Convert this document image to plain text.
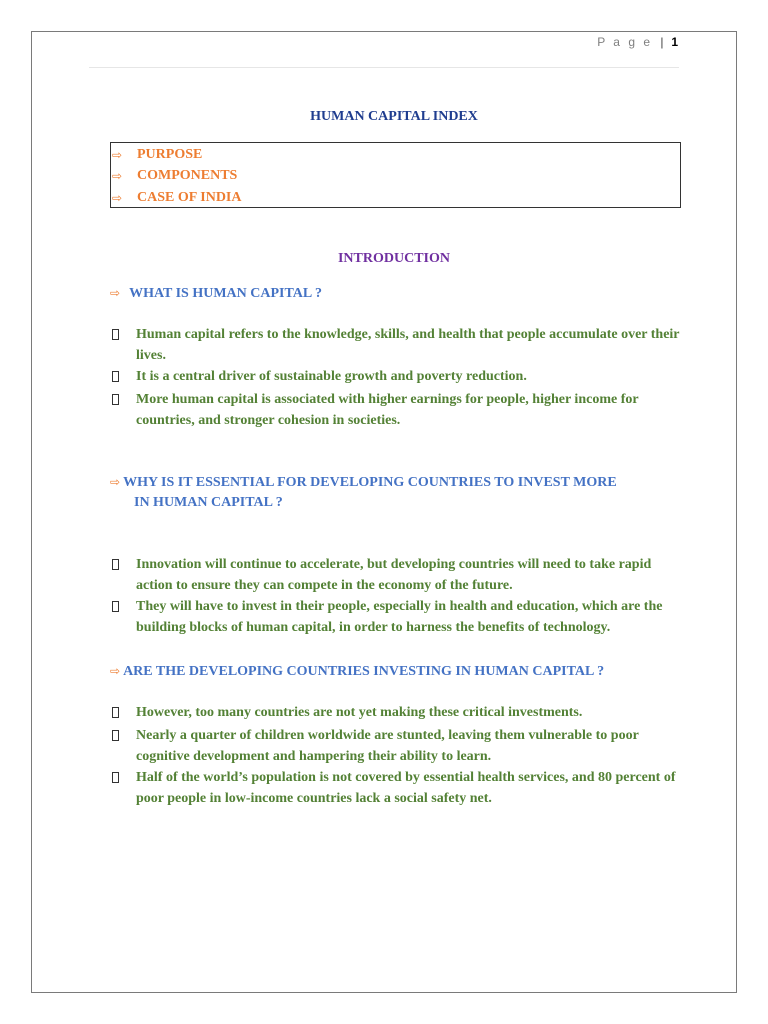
P a g e | 1
HUMAN CAPITAL INDEX
⇨	PURPOSE
⇨	COMPONENTS
⇨	CASE OF INDIA
INTRODUCTION
⇨ WHAT IS HUMAN CAPITAL ?
Human capital refers to the knowledge, skills, and health that people accumulate over their lives.
It is a central driver of sustainable growth and poverty reduction.
More human capital is associated with higher earnings for people, higher income for countries, and stronger cohesion in societies.
⇨ WHY IS IT ESSENTIAL FOR DEVELOPING COUNTRIES TO INVEST MORE
IN HUMAN CAPITAL ?
Innovation will continue to accelerate, but developing countries will need to take rapid action to ensure they can compete in the economy of the future.
They will have to invest in their people, especially in health and education, which are the building blocks of human capital, in order to harness the benefits of technology.
⇨ ARE THE DEVELOPING COUNTRIES INVESTING IN HUMAN CAPITAL ?
However, too many countries are not yet making these critical investments.
Nearly a quarter of children worldwide are stunted, leaving them vulnerable to poor cognitive development and hampering their ability to learn.
Half of the world’s population is not covered by essential health services, and 80 percent of poor people in low-income countries lack a social safety net.
